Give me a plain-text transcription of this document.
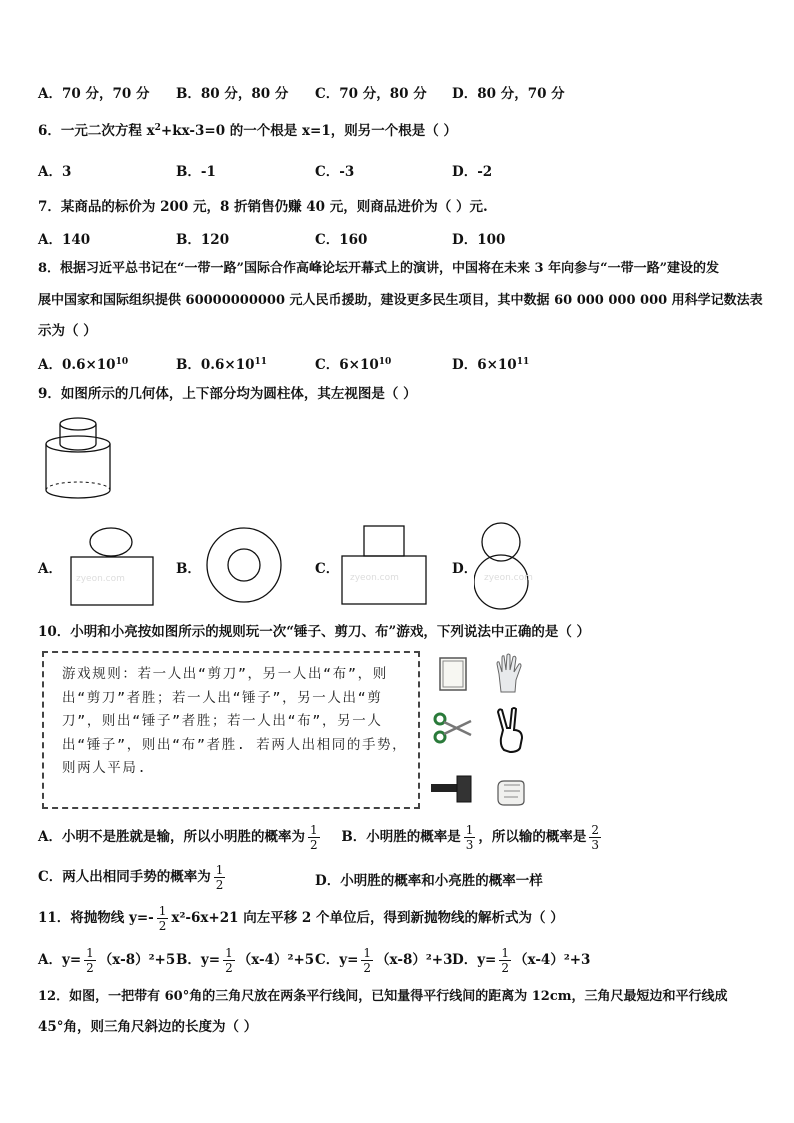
A．70 分，70 分 B．80 分，80 分 C．70 分，80 分 D．80 分，70 分
6．一元二次方程 $x^2+kx-3=0$ 的一个根是 x=1，则另一个根是（ ）
A．3	B．-1	C．-3	D．-2
7．某商品的标价为 200 元，8 折销售仍赚 40 元，则商品进价为（ ）元.
A．140	B．120	C．160	D．100
8．根据习近平总书记在“一带一路”国际合作高峰论坛开幕式上的演讲，中国将在未来 3 年向参与“一带一路”建设的发
展中国家和国际组织提供 60000000000 元人民币援助，建设更多民生项目，其中数据 60 000 000 000 用科学记数法表
示为（ ）
A．$0.6\times 10^{10}$	B．$0.6\times 10^{11}$	C．$6\times 10^{10}$	D．$6\times 10^{11}$
9．如图所示的几何体，上下部分均为圆柱体，其左视图是（ ）
A．
zyeon.com
B．	C．
zyeon.com
D．
zyeon.com
10．小明和小亮按如图所示的规则玩一次“锤子、剪刀、布”游戏，下列说法中正确的是（ ）
游戏规则：若一人出“剪刀”，另一人出“布”，则出“剪刀”者胜；若一人出“锤子”，另一人出“剪刀”，则出“锤子”者胜；若一人出“布”，另一人出“锤子”，则出“布”者胜. 若两人出相同的手势，则两人平局.
A．小明不是胜就是输，所以小明胜的概率为 $\frac{1}{2}$ B．小明胜的概率是 $\frac{1}{3}$ ，所以输的概率是 $\frac{2}{3}$
C．两人出相同手势的概率为 $\frac{1}{2}$	D．小明胜的概率和小亮胜的概率一样
11．将抛物线 $y=- \frac{1}{2} x^2-6x+21$ 向左平移 2 个单位后，得到新抛物线的解析式为（ ）
A．$y= \frac{1}{2} (x-8)^2+5$ B．$y= \frac{1}{2} (x-4)^2+5$ C．$y= \frac{1}{2} (x-8)^2+3$ D．$y= \frac{1}{2} (x-4)^2+3$
12．如图，一把带有 60°角的三角尺放在两条平行线间，已知量得平行线间的距离为 12cm，三角尺最短边和平行线成
45°角，则三角尺斜边的长度为（ ）
